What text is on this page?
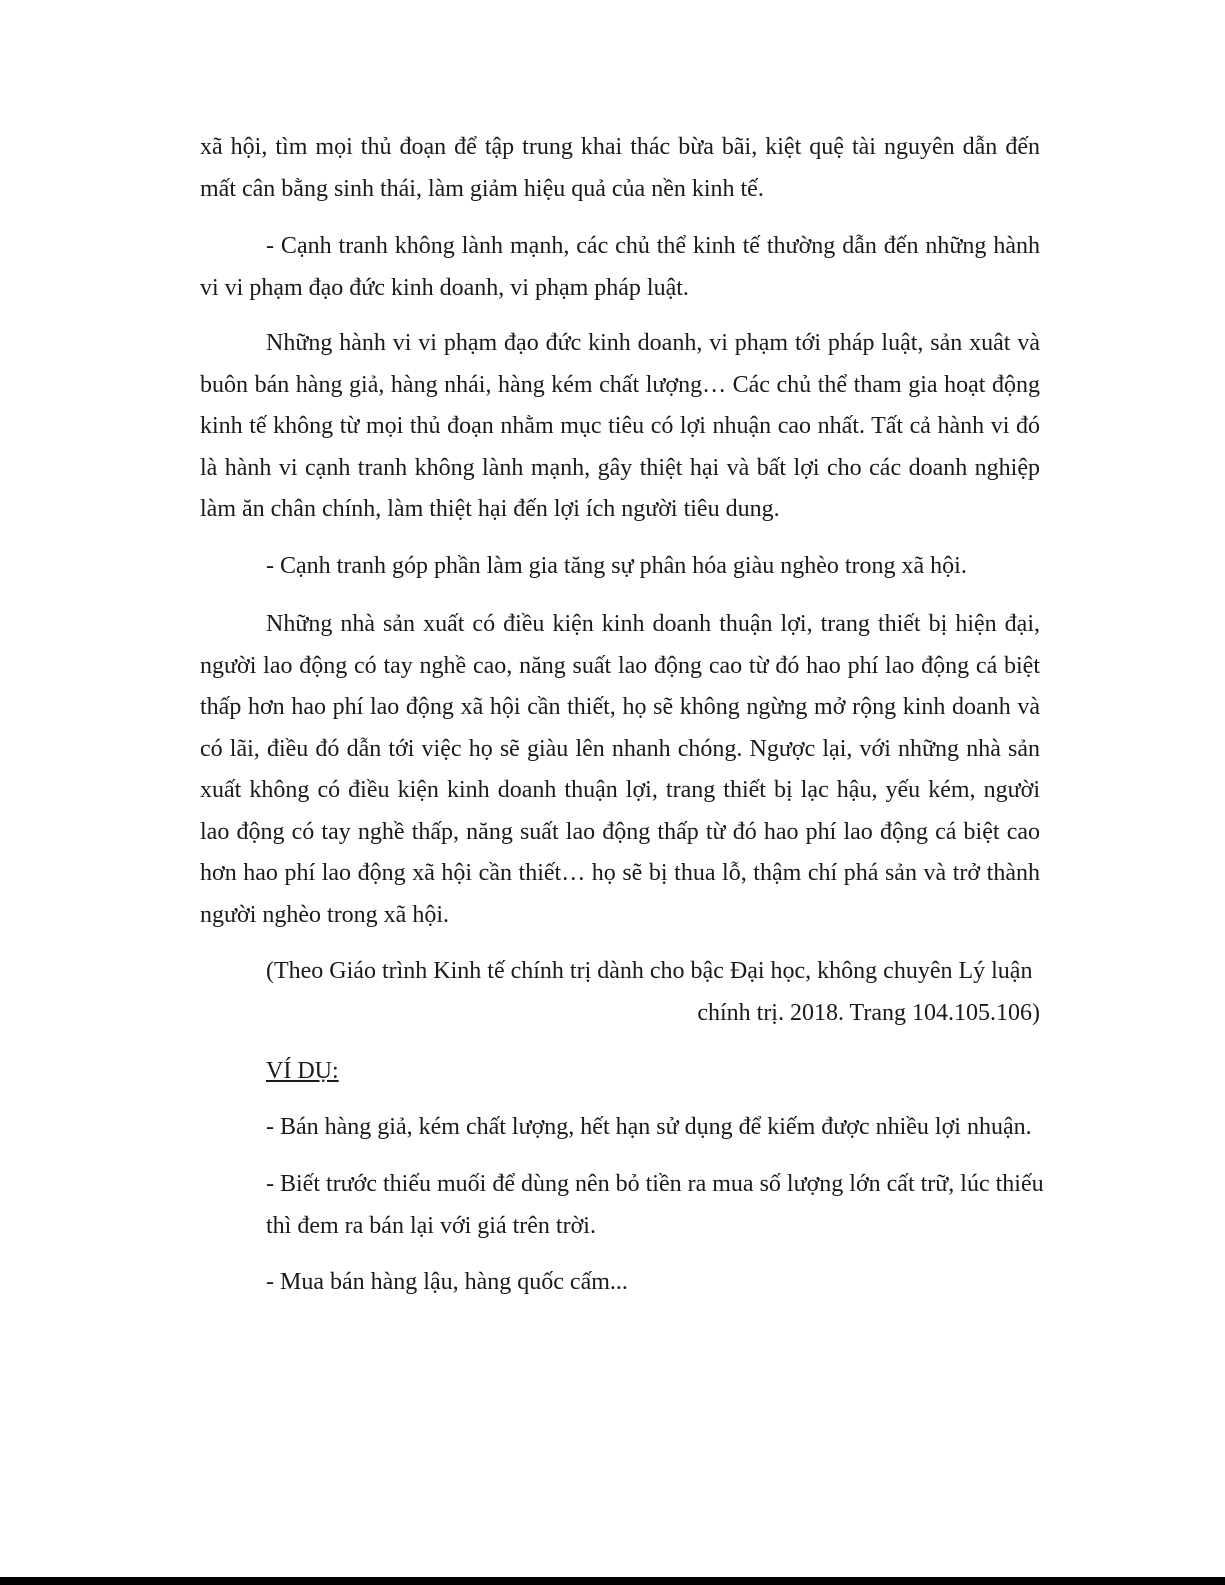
xã hội, tìm mọi thủ đoạn để tập trung khai thác bừa bãi, kiệt quệ tài nguyên dẫn đến mất cân bằng sinh thái, làm giảm hiệu quả của nền kinh tế.

- Cạnh tranh không lành mạnh, các chủ thể kinh tế thường dẫn đến những hành vi vi phạm đạo đức kinh doanh, vi phạm pháp luật.

Những hành vi vi phạm đạo đức kinh doanh, vi phạm tới pháp luật, sản xuât và buôn bán hàng giả, hàng nhái, hàng kém chất lượng… Các chủ thể tham gia hoạt động kinh tế không từ mọi thủ đoạn nhằm mục tiêu có lợi nhuận cao nhất. Tất cả hành vi đó là hành vi cạnh tranh không lành mạnh, gây thiệt hại và bất lợi cho các doanh nghiệp làm ăn chân chính, làm thiệt hại đến lợi ích người tiêu dung.

- Cạnh tranh góp phần làm gia tăng sự phân hóa giàu nghèo trong xã hội.

Những nhà sản xuất có điều kiện kinh doanh thuận lợi, trang thiết bị hiện đại, người lao động có tay nghề cao, năng suất lao động cao từ đó hao phí lao động cá biệt thấp hơn hao phí lao động xã hội cần thiết, họ sẽ không ngừng mở rộng kinh doanh và có lãi, điều đó dẫn tới việc họ sẽ giàu lên nhanh chóng. Ngược lại, với những nhà sản xuất không có điều kiện kinh doanh thuận lợi, trang thiết bị lạc hậu, yếu kém, người lao động có tay nghề thấp, năng suất lao động thấp từ đó hao phí lao động cá biệt cao hơn hao phí lao động xã hội cần thiết… họ sẽ bị thua lỗ, thậm chí phá sản và trở thành người nghèo trong xã hội.

(Theo Giáo trình Kinh tế chính trị dành cho bậc Đại học, không chuyên Lý luận
chính trị. 2018. Trang 104.105.106)

VÍ DỤ:

- Bán hàng giả, kém chất lượng, hết hạn sử dụng để kiếm được nhiều lợi nhuận.

- Biết trước thiếu muối để dùng nên bỏ tiền ra mua số lượng lớn cất trữ, lúc thiếu thì đem ra bán lại với giá trên trời.

- Mua bán hàng lậu, hàng quốc cấm...
